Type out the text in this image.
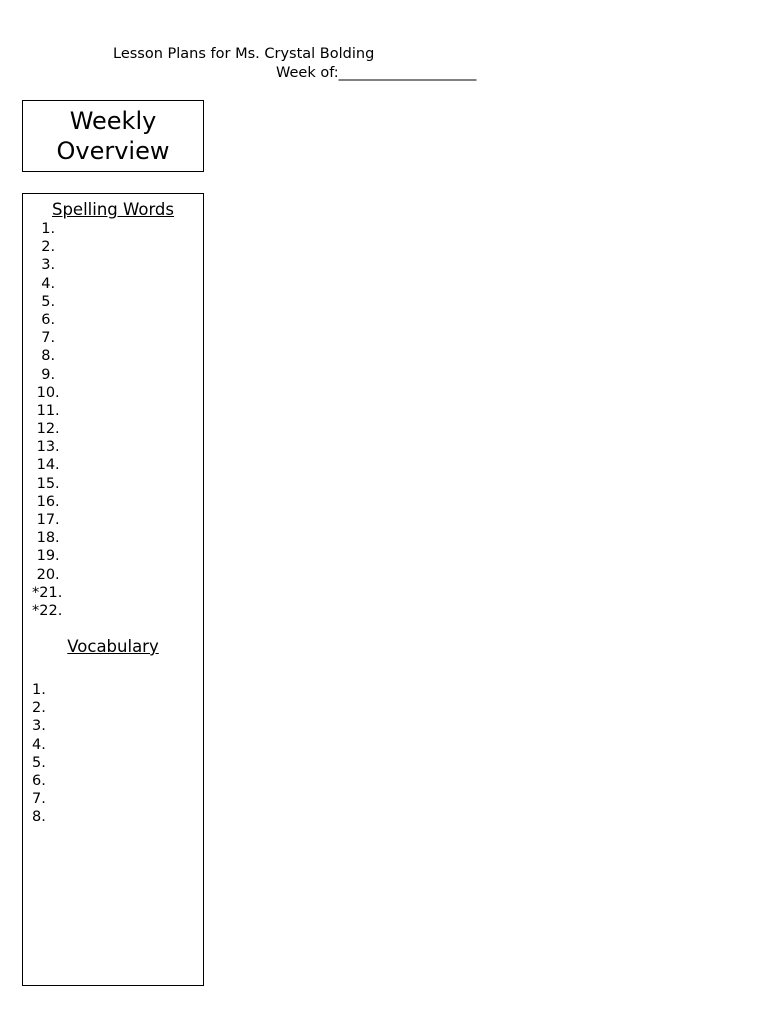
Lesson Plans for Ms. Crystal Bolding
Week of:___________________
Weekly
Overview
Spelling Words
1.
2.
3.
4.
5.
6.
7.
8.
9.
10.
11.
12.
13.
14.
15.
16.
17.
18.
19.
20.
*21.
*22.
Vocabulary
1.
2.
3.
4.
5.
6.
7.
8.
